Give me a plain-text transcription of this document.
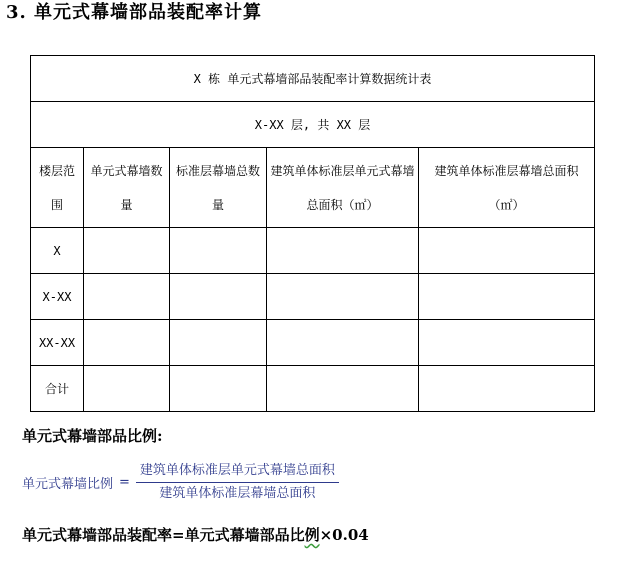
3. 单元式幕墙部品装配率计算
X 栋 单元式幕墙部品装配率计算数据统计表				
X-XX 层, 共 XX 层				

楼层范围	单元式幕墙数量	标准层幕墙总数量	建筑单体标准层单元式幕墙总面积（㎡）	建筑单体标准层幕墙总面积（㎡）

X				
X-XX				
XX-XX				
合计				
单元式幕墙部品比例:
单元式幕墙比例 = $\frac{\text{建筑单体标准层单元式幕墙总面积}}{\text{建筑单体标准层幕墙总面积}}$
单元式幕墙部品装配率=单元式幕墙部品比例×0.04
